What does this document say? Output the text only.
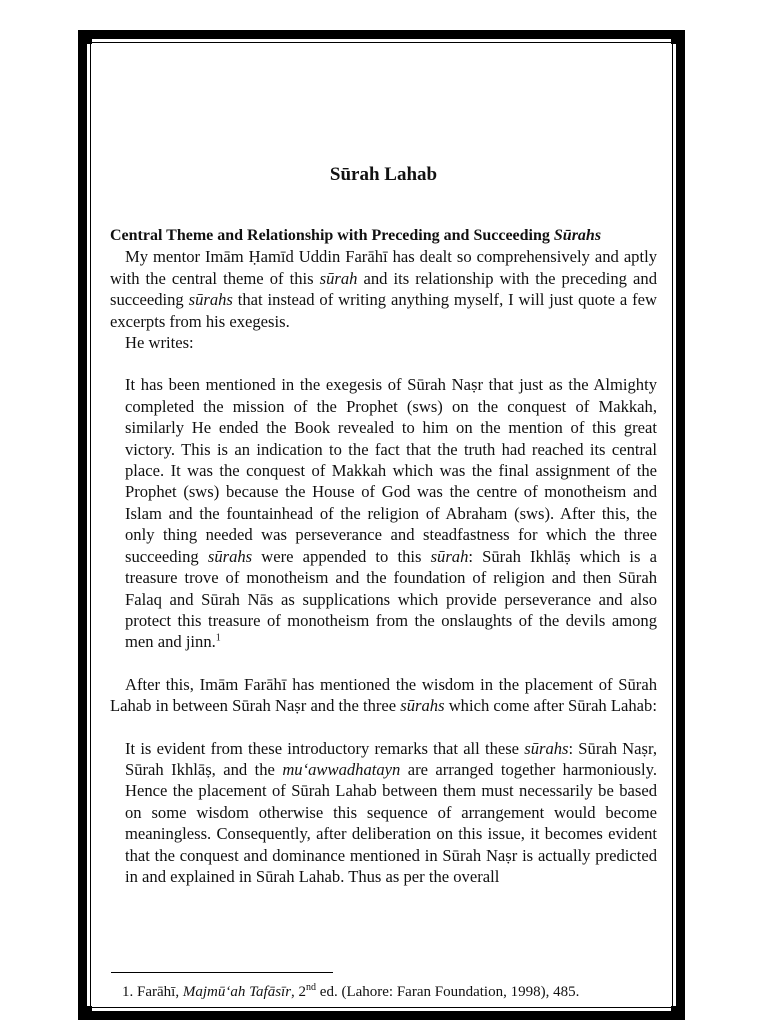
Sūrah Lahab
Central Theme and Relationship with Preceding and Succeeding Sūrahs

My mentor Imām Ḥamīd Uddin Farāhī has dealt so comprehensively and aptly with the central theme of this sūrah and its relationship with the preceding and succeeding sūrahs that instead of writing anything myself, I will just quote a few excerpts from his exegesis.

He writes:

It has been mentioned in the exegesis of Sūrah Naṣr that just as the Almighty completed the mission of the Prophet (sws) on the conquest of Makkah, similarly He ended the Book revealed to him on the mention of this great victory. This is an indication to the fact that the truth had reached its central place. It was the conquest of Makkah which was the final assignment of the Prophet (sws) because the House of God was the centre of monotheism and Islam and the fountainhead of the religion of Abraham (sws). After this, the only thing needed was perseverance and steadfastness for which the three succeeding sūrahs were appended to this sūrah: Sūrah Ikhlāṣ which is a treasure trove of monotheism and the foundation of religion and then Sūrah Falaq and Sūrah Nās as supplications which provide perseverance and also protect this treasure of monotheism from the onslaughts of the devils among men and jinn.$^1$

After this, Imām Farāhī has mentioned the wisdom in the placement of Sūrah Lahab in between Sūrah Naṣr and the three sūrahs which come after Sūrah Lahab:

It is evident from these introductory remarks that all these sūrahs: Sūrah Naṣr, Sūrah Ikhlāṣ, and the mu‘awwadhatayn are arranged together harmoniously. Hence the placement of Sūrah Lahab between them must necessarily be based on some wisdom otherwise this sequence of arrangement would become meaningless. Consequently, after deliberation on this issue, it becomes evident that the conquest and dominance mentioned in Sūrah Naṣr is actually predicted in and explained in Sūrah Lahab. Thus as per the overall

1. Farāhī, Majmū‘ah Tafāsīr, 2nd ed. (Lahore: Faran Foundation, 1998), 485.
